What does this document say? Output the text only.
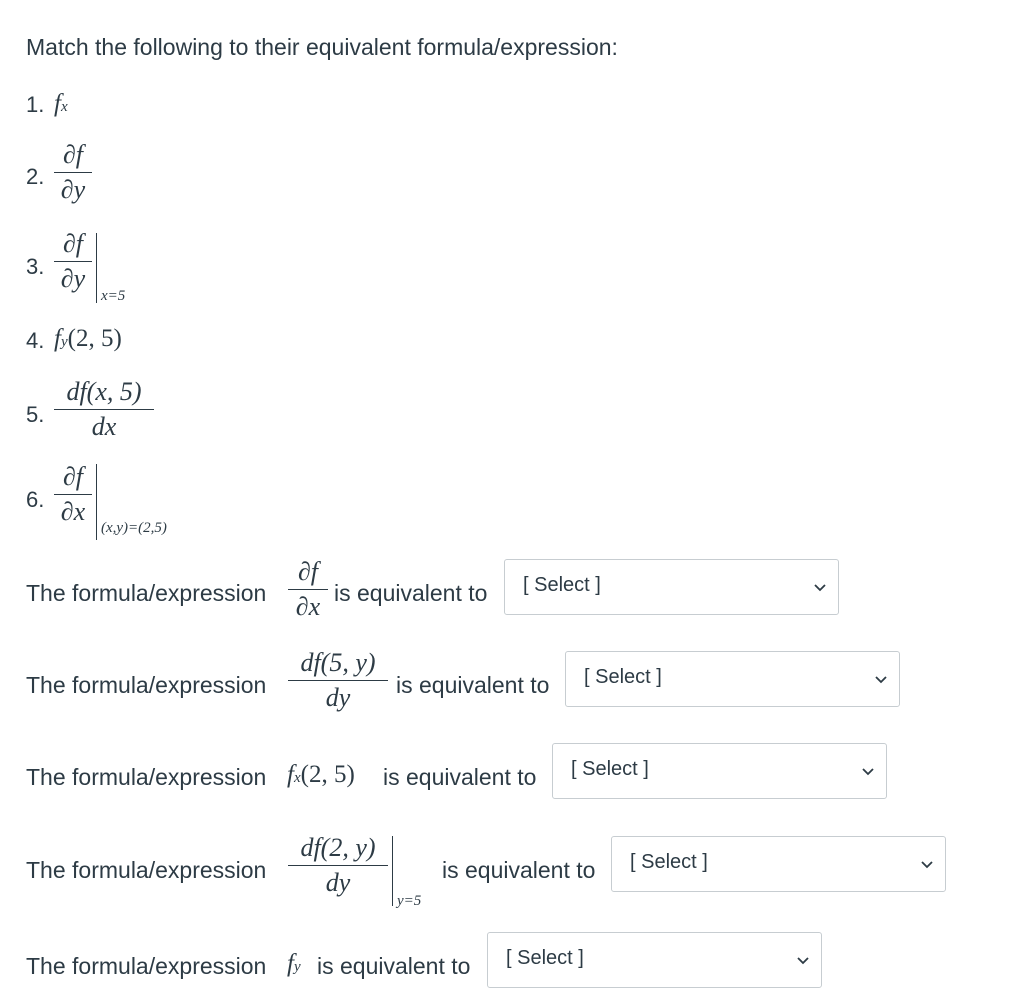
Match the following to their equivalent formula/expression:
1. fx
2.
∂f
∂y
3.
∂f
∂y
x=5
4. fy(2, 5)
5.
df(x, 5)
dx
6.
∂f
∂x
(x,y)=(2,5)
The formula/expression
∂f
∂x is equivalent to [ Select ]
The formula/expression
df(5, y)
dy is equivalent to [ Select ]
The formula/expression fx(2, 5) is equivalent to [ Select ]
The formula/expression
df(2, y)
dy
y=5
is equivalent to [ Select ]
The formula/expression fy is equivalent to [ Select ]
